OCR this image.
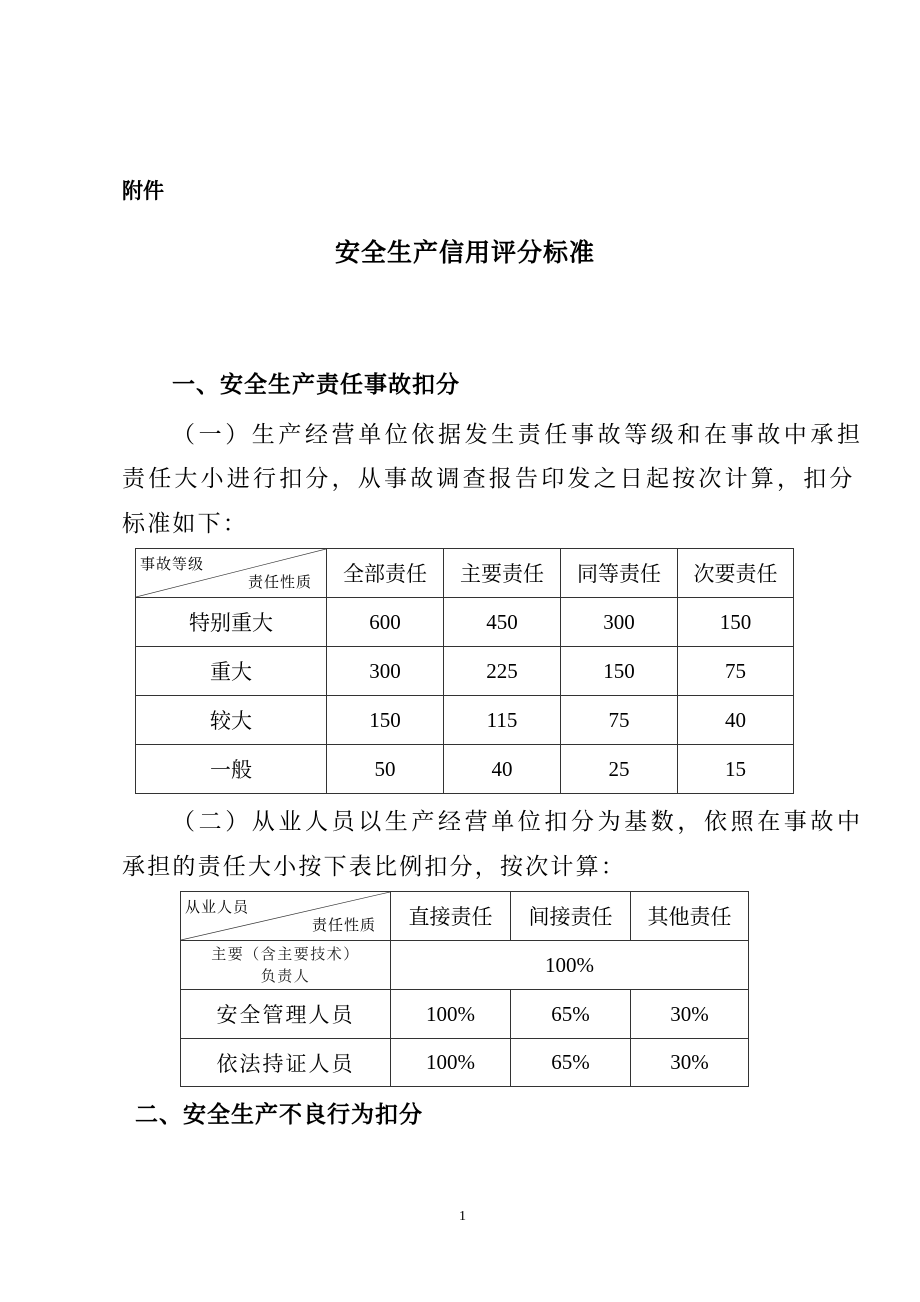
附件
安全生产信用评分标准
一、安全生产责任事故扣分
（一）生产经营单位依据发生责任事故等级和在事故中承担
责任大小进行扣分，从事故调查报告印发之日起按次计算，扣分
标准如下：
事故等级
责任性质	全部责任	主要责任	同等责任	次要责任
特别重大	600	450	300	150
重大	300	225	150	75
较大	150	115	75	40
一般	50	40	25	15
（二）从业人员以生产经营单位扣分为基数，依照在事故中
承担的责任大小按下表比例扣分，按次计算：
从业人员
责任性质	直接责任	间接责任	其他责任

主要（含主要技术）
负责人	100%		
安全管理人员	100%	65%	30%
依法持证人员	100%	65%	30%
二、安全生产不良行为扣分
1
